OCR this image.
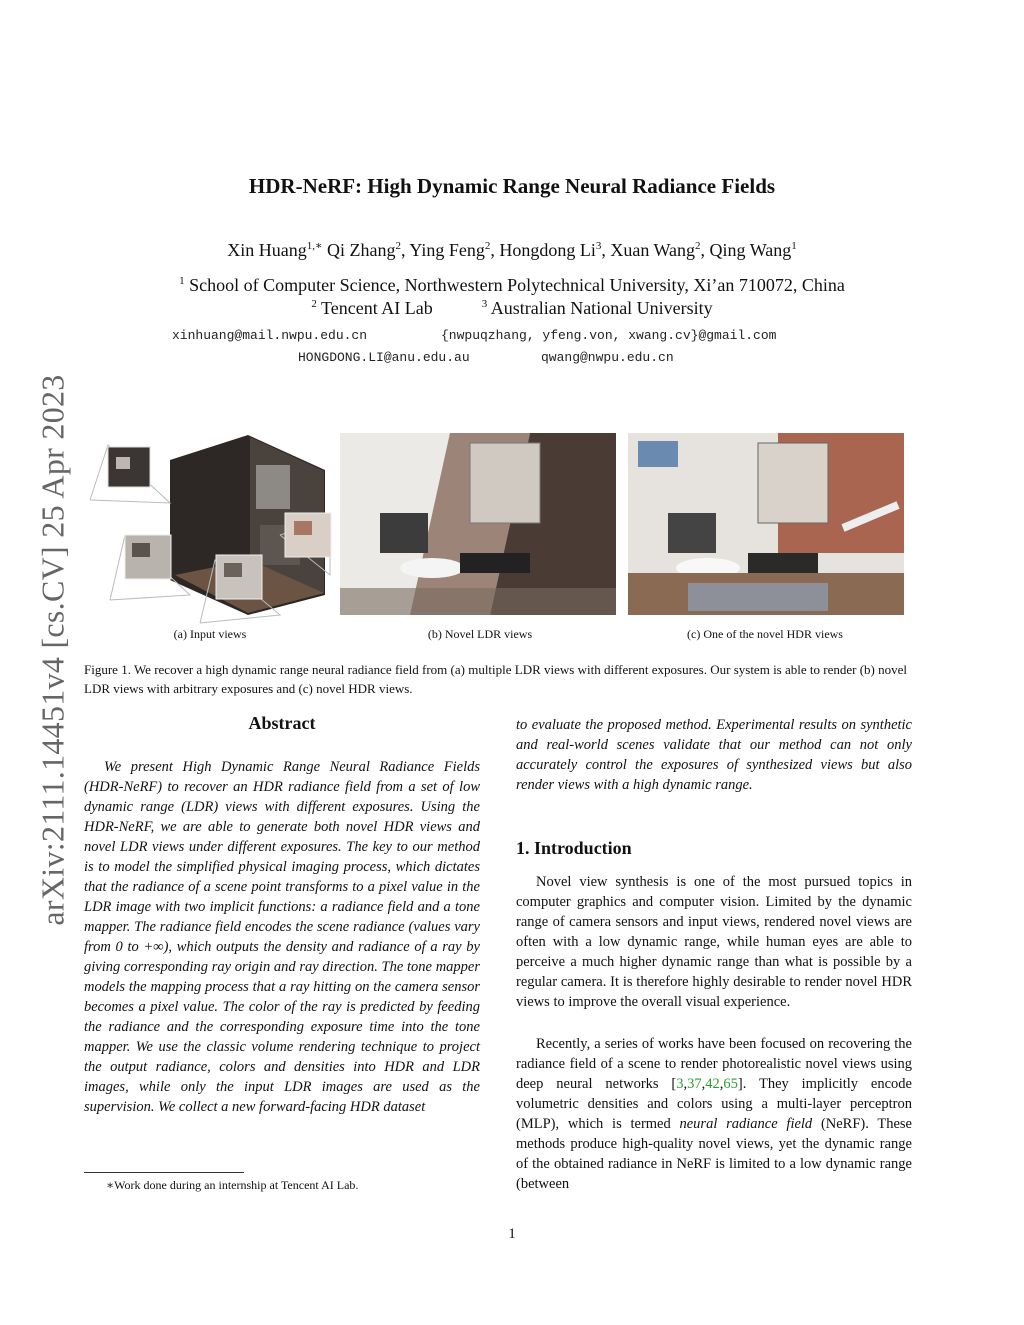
arXiv:2111.14451v4 [cs.CV] 25 Apr 2023
HDR-NeRF: High Dynamic Range Neural Radiance Fields
Xin Huang$^{1,∗}$ Qi Zhang$^2$, Ying Feng$^2$, Hongdong Li$^3$, Xuan Wang$^2$, Qing Wang$^1$
$^1$ School of Computer Science, Northwestern Polytechnical University, Xi’an 710072, China
$^2$ Tencent AI Lab	$^3$ Australian National University
xinhuang@mail.nwpu.edu.cn	{nwpuqzhang, yfeng.von, xwang.cv}@gmail.com
HONGDONG.LI@anu.edu.au	qwang@nwpu.edu.cn
(a) Input views	(b) Novel LDR views	(c) One of the novel HDR views
Figure 1. We recover a high dynamic range neural radiance field from (a) multiple LDR views with different exposures. Our system is able to render (b) novel LDR views with arbitrary exposures and (c) novel HDR views.
Abstract
We present High Dynamic Range Neural Radiance Fields (HDR-NeRF) to recover an HDR radiance field from a set of low dynamic range (LDR) views with different exposures. Using the HDR-NeRF, we are able to generate both novel HDR views and novel LDR views under different exposures. The key to our method is to model the simplified physical imaging process, which dictates that the radiance of a scene point transforms to a pixel value in the LDR image with two implicit functions: a radiance field and a tone mapper. The radiance field encodes the scene radiance (values vary from 0 to +∞), which outputs the density and radiance of a ray by giving corresponding ray origin and ray direction. The tone mapper models the mapping process that a ray hitting on the camera sensor becomes a pixel value. The color of the ray is predicted by feeding the radiance and the corresponding exposure time into the tone mapper. We use the classic volume rendering technique to project the output radiance, colors and densities into HDR and LDR images, while only the input LDR images are used as the supervision. We collect a new forward-facing HDR dataset
∗Work done during an internship at Tencent AI Lab.
to evaluate the proposed method. Experimental results on synthetic and real-world scenes validate that our method can not only accurately control the exposures of synthesized views but also render views with a high dynamic range.
1. Introduction
Novel view synthesis is one of the most pursued topics in computer graphics and computer vision. Limited by the dynamic range of camera sensors and input views, rendered novel views are often with a low dynamic range, while human eyes are able to perceive a much higher dynamic range than what is possible by a regular camera. It is therefore highly desirable to render novel HDR views to improve the overall visual experience.
Recently, a series of works have been focused on recovering the radiance field of a scene to render photorealistic novel views using deep neural networks [3,37,42,65]. They implicitly encode volumetric densities and colors using a multi-layer perceptron (MLP), which is termed neural radiance field (NeRF). These methods produce high-quality novel views, yet the dynamic range of the obtained radiance in NeRF is limited to a low dynamic range (between
1
